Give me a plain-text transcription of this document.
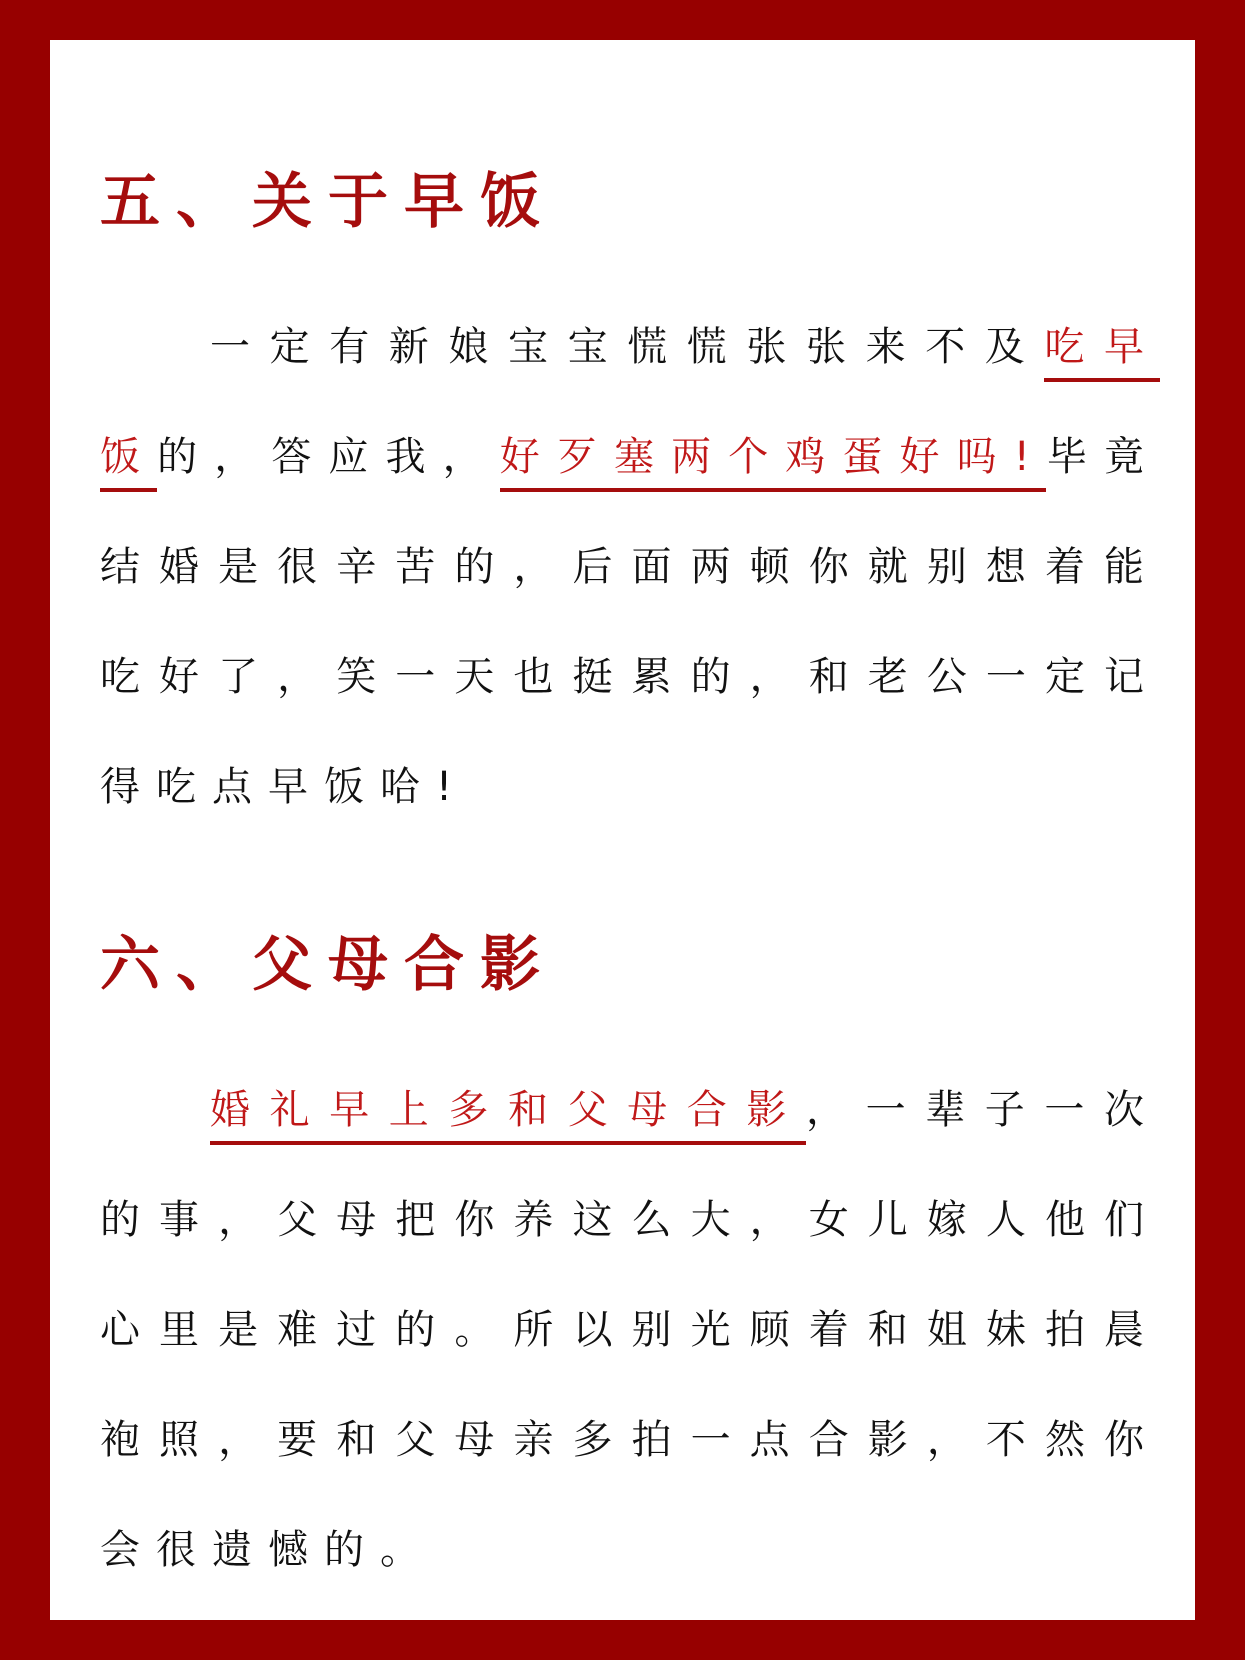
五、关于早饭

一定有新娘宝宝慌慌张张来不及吃早饭的，答应我，好歹塞两个鸡蛋好吗!毕竟结婚是很辛苦的，后面两顿你就别想着能吃好了，笑一天也挺累的，和老公一定记得吃点早饭哈!

六、父母合影

婚礼早上多和父母合影，一辈子一次的事，父母把你养这么大，女儿嫁人他们心里是难过的。所以别光顾着和姐妹拍晨袍照，要和父母亲多拍一点合影，不然你会很遗憾的。
